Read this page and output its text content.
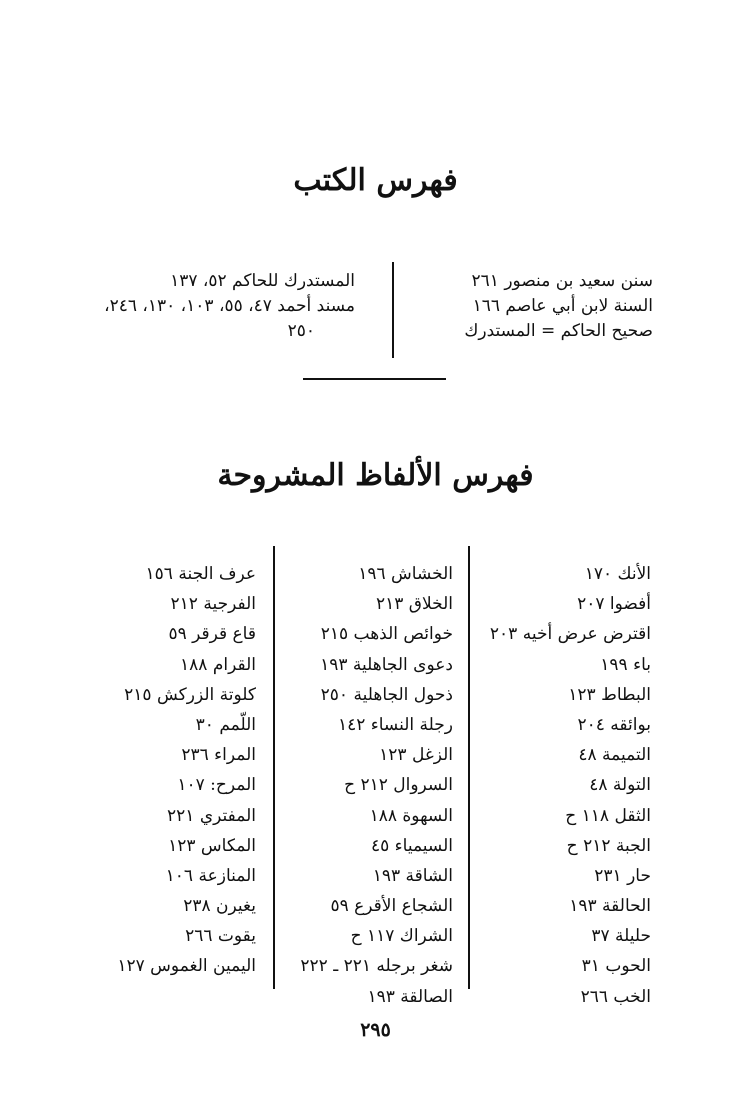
فهرس الكتب
سنن سعيد بن منصور ٢٦١
السنة لابن أبي عاصم ١٦٦
صحيح الحاكم = المستدرك
المستدرك للحاكم ٥٢، ١٣٧
مسند أحمد ٤٧، ٥٥، ١٠٣، ١٣٠، ٢٤٦،
٢٥٠
فهرس الألفاظ المشروحة
الأنك ١٧٠
أفضوا ٢٠٧
اقترض عرض أخيه ٢٠٣
باء ١٩٩
البطاط ١٢٣
بوائقه ٢٠٤
التميمة ٤٨
التولة ٤٨
الثقل ١١٨ ح
الجبة ٢١٢ ح
حار ٢٣١
الحالقة ١٩٣
حليلة ٣٧
الحوب ٣١
الخب ٢٦٦
الخشاش ١٩٦
الخلاق ٢١٣
خوائص الذهب ٢١٥
دعوى الجاهلية ١٩٣
ذحول الجاهلية ٢٥٠
رجلة النساء ١٤٢
الزغل ١٢٣
السروال ٢١٢ ح
السهوة ١٨٨
السيمياء ٤٥
الشاقة ١٩٣
الشجاع الأقرع ٥٩
الشراك ١١٧ ح
شغر برجله ٢٢١ ـ ٢٢٢
الصالقة ١٩٣
عرف الجنة ١٥٦
الفرجية ٢١٢
قاع قرقر ٥٩
القرام ١٨٨
كلوتة الزركش ٢١٥
اللّمم ٣٠
المراء ٢٣٦
المرح: ١٠٧
المفتري ٢٢١
المكاس ١٢٣
المنازعة ١٠٦
يغيرن ٢٣٨
يقوت ٢٦٦
اليمين الغموس ١٢٧
٢٩٥
